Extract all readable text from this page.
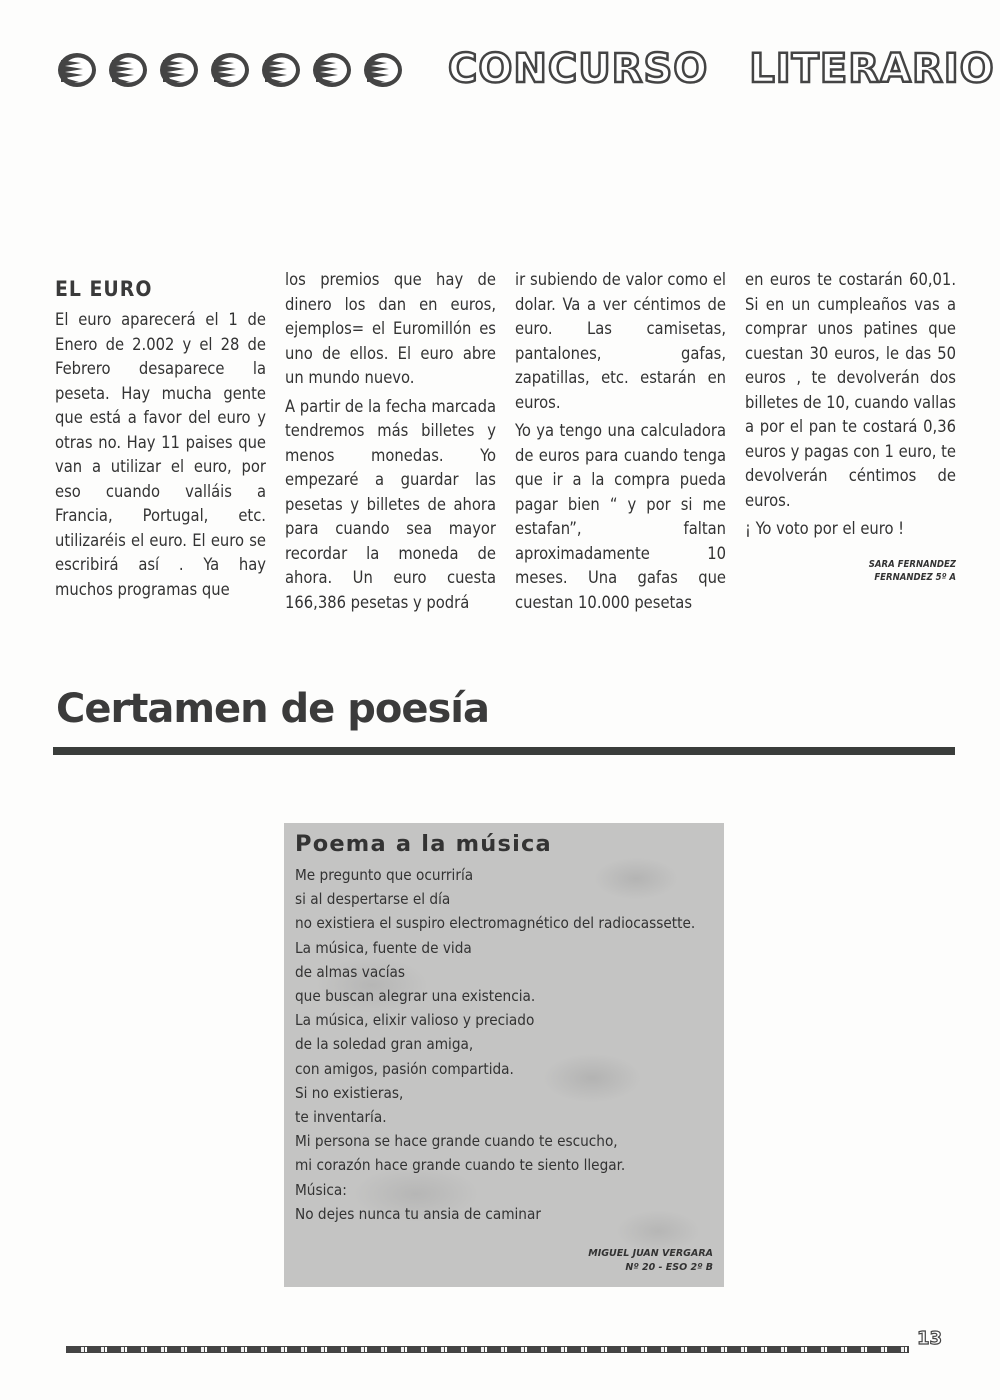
CONCURSO LITERARIO
EL EURO

El euro aparecerá el 1 de Enero de 2.002 y el 28 de Febrero desaparece la peseta. Hay mucha gente que está a favor del euro y otras no. Hay 11 paises que van a utilizar el euro, por eso cuando valláis a Francia, Portugal, etc. utilizaréis el euro. El euro se escribirá así . Ya hay muchos programas que

los premios que hay de dinero los dan en euros, ejemplos= el Euromillón es uno de ellos. El euro abre un mundo nuevo.

A partir de la fecha marcada tendremos más billetes y menos monedas. Yo empezaré a guardar las pesetas y billetes de ahora para cuando sea mayor recordar la moneda de ahora. Un euro cuesta 166,386 pesetas y podrá

ir subiendo de valor como el dolar. Va a ver céntimos de euro. Las camisetas, pantalones, gafas, zapatillas, etc. estarán en euros.

Yo ya tengo una calculadora de euros para cuando tenga que ir a la compra pueda pagar bien “ y por si me estafan”, faltan aproximadamente 10 meses. Una gafas que cuestan 10.000 pesetas

en euros te costarán 60,01. Si en un cumpleaños vas a comprar unos patines que cuestan 30 euros, le das 50 euros , te devolverán dos billetes de 10, cuando vallas a por el pan te costará 0,36 euros y pagas con 1 euro, te devolverán céntimos de euros.

¡ Yo voto por el euro !

SARA FERNANDEZ
FERNANDEZ 5º A
Certamen de poesía
Poema a la música
Me pregunto que ocurriría
si al despertarse el día
no existiera el suspiro electromagnético del radiocassette.
La música, fuente de vida
de almas vacías
que buscan alegrar una existencia.
La música, elixir valioso y preciado
de la soledad gran amiga,
con amigos, pasión compartida.
Si no existieras,
te inventaría.
Mi persona se hace grande cuando te escucho,
mi corazón hace grande cuando te siento llegar.
Música:
No dejes nunca tu ansia de caminar
MIGUEL JUAN VERGARA
Nº 20 - ESO 2º B
13
